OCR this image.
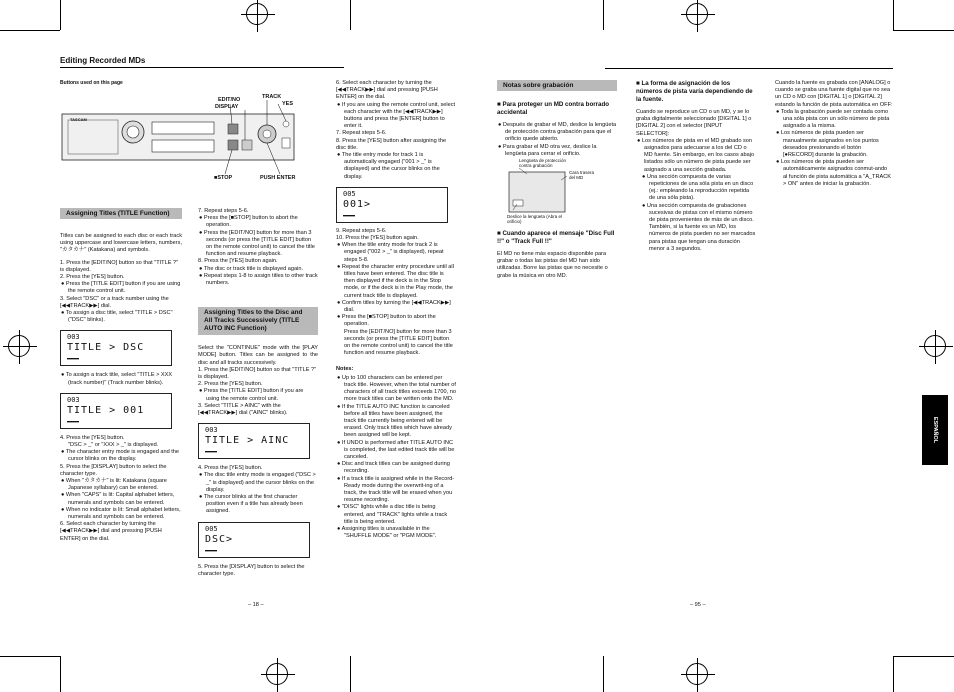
Editing Recorded MDs
Buttons used on this page
TASCAM
EDIT/NO
DISPLAY
TRACK
YES
■STOP	PUSH ENTER
Assigning Titles (TITLE Function)
Titles can be assigned to each disc or each track using uppercase and lowercase letters, numbers, "カタカナ" (Katakana) and symbols.

1. Press the [EDIT/NO] button so that "TITLE ?" is displayed.

2. Press the [YES] button.

● Press the [TITLE EDIT] button if you are using the remote control unit.

3. Select "DSC" or a track number using the [◀◀TRACK▶▶] dial.

● To assign a disc title, select "TITLE > DSC" ("DSC" blinks).

003
TITLE > DSC
▬▬▬▬

● To assign a track title, select "TITLE > XXX (track number)" (Track number blinks).

003
TITLE > 001
▬▬▬▬

4. Press the [YES] button.

"DSC > _" or "XXX > _" is displayed.

● The character entry mode is engaged and the cursor blinks on the display.

5. Press the [DISPLAY] button to select the character type.

● When "カタカナ" is lit: Katakana (square Japanese syllabary) can be entered.

● When "CAPS" is lit: Capital alphabet letters, numerals and symbols can be entered.

● When no indicator is lit: Small alphabet letters, numerals and symbols can be entered.

6. Select each character by turning the [◀◀TRACK▶▶] dial and pressing [PUSH ENTER] on the dial.

7. Repeat steps 5-6.

● Press the [■STOP] button to abort the operation.

● Press the [EDIT/NO] button for more than 3 seconds (or press the [TITLE EDIT] button on the remote control unit) to cancel the title function and resume playback.

8. Press the [YES] button again.

● The disc or track title is displayed again.

● Repeat steps 1-8 to assign titles to other track numbers.

Assigning Titles to the Disc and All Tracks Successively (TITLE AUTO INC Function)
Select the "CONTINUE" mode with the [PLAY MODE] button. Titles can be assigned to the disc and all tracks successively.

1. Press the [EDIT/NO] button so that "TITLE ?" is displayed.

2. Press the [YES] button.

● Press the [TITLE EDIT] button if you are using the remote control unit.

3. Select "TITLE > AINC" with the [◀◀TRACK▶▶] dial ("AINC" blinks).

003
TITLE > AINC
▬▬▬▬

4. Press the [YES] button.

● The disc title entry mode is engaged ("DSC > _" is displayed) and the cursor blinks on the display.

● The cursor blinks at the first character position even if a title has already been assigned.

005
DSC>
▬▬▬▬

5. Press the [DISPLAY] button to select the character type.

– 18 –

6. Select each character by turning the [◀◀TRACK▶▶] dial and pressing [PUSH ENTER] on the dial.

● If you are using the remote control unit, select each character with the [◀◀TRACK▶▶] buttons and press the [ENTER] button to enter it.

7. Repeat steps 5-6.

8. Press the [YES] button after assigning the disc title.

● The title entry mode for track 1 is automatically engaged ("001 > _" is displayed) and the cursor blinks on the display.

005
001>
▬▬▬▬

9. Repeat steps 5-6.

10. Press the [YES] button again.

● When the title entry mode for track 2 is engaged ("002 > _" is displayed), repeat steps 5-8.

● Repeat the character entry procedure until all titles have been entered. The disc title is then displayed if the deck is in the Stop mode, or if the deck is in the Play mode, the current track title is displayed.

● Confirm titles by turning the [◀◀TRACK▶▶] dial.

● Press the [■STOP] button to abort the operation.

Press the [EDIT/NO] button for more than 3 seconds (or press the [TITLE EDIT] button on the remote control unit) to cancel the title function and resume playback.

Notes:

● Up to 100 characters can be entered per track title. However, when the total number of characters of all track titles exceeds 1700, no more track titles can be written onto the MD.

● If the TITLE AUTO INC function is canceled before all titles have been assigned, the track title currently being entered will be erased. Only track titles which have already been assigned will be kept.

● If UNDO is performed after TITLE AUTO INC is completed, the last edited track title will be canceled.

● Disc and track titles can be assigned during recording.

● If a track title is assigned while in the Record-Ready mode during the overwrit-ing of a track, the track title will be erased when you resume recording.

● "DISC" lights while a disc title is being entered, and "TRACK" lights while a track title is being entered.

● Assigning titles is unavailable in the "SHUFFLE MODE" or "PGM MODE".

Notas sobre grabación
■ Para proteger un MD contra borrado accidental

● Después de grabar el MD, deslice la lengüeta de protección contra grabación para que el orificio quede abierto.

● Para grabar el MD otra vez, deslice la lengüeta para cerrar el orificio.

Lengüeta de protección contra grabación
Cara trasera del MD
Deslice la lengüeta (Abra el orificio)
■ Cuando aparece el mensaje "Disc Full !!" o "Track Full !!"
El MD no tiene más espacio disponible para grabar o todas las pistas del MD han sido utilizadas. Borre las pistas que no necesite o grabe la música en otro MD.
■ La forma de asignación de los números de pista varía dependiendo de la fuente.
Cuando se reproduce un CD o un MD, y se lo graba digitalmente seleccionado [DIGITAL 1] o [DIGITAL 2] con el selector [INPUT SELECTOR]:

● Los números de pista en el MD grabado son asignados para adecuarse a los del CD o MD fuente. Sin embargo, en los casos abajo listados sólo un número de pista puede ser asignado a una sección grabada.

● Una sección compuesta de varias repeticiones de una sóla pista en un disco (ej.: empleando la reproducción repetida de una sóla pista).

● Una sección compuesta de grabaciones sucesivas de pistas con el mismo número de pista provenientes de más de un disco. También, si la fuente es un MD, los números de pista pueden no ser marcados para pistas que tengan una duración menor a 3 segundos.

Cuando la fuente es grabada con [ANALOG] o cuando se graba una fuente digital que no sea un CD o MD con [DIGITAL 1] o [DIGITAL 2] estando la función de pista automática en OFF:

● Toda la grabación puede ser contada como una sóla pista con un sólo número de pista asignado a la misma.

● Los números de pista pueden ser manualmente asignados en los puntos deseados presionando el botón [●RECORD] durante la grabación.

● Los números de pista pueden ser automáticamente asignados conmut-ando al función de pista automática a "A_TRACK > ON" antes de iniciar la grabación.

– 95 –
ESPAÑOL
